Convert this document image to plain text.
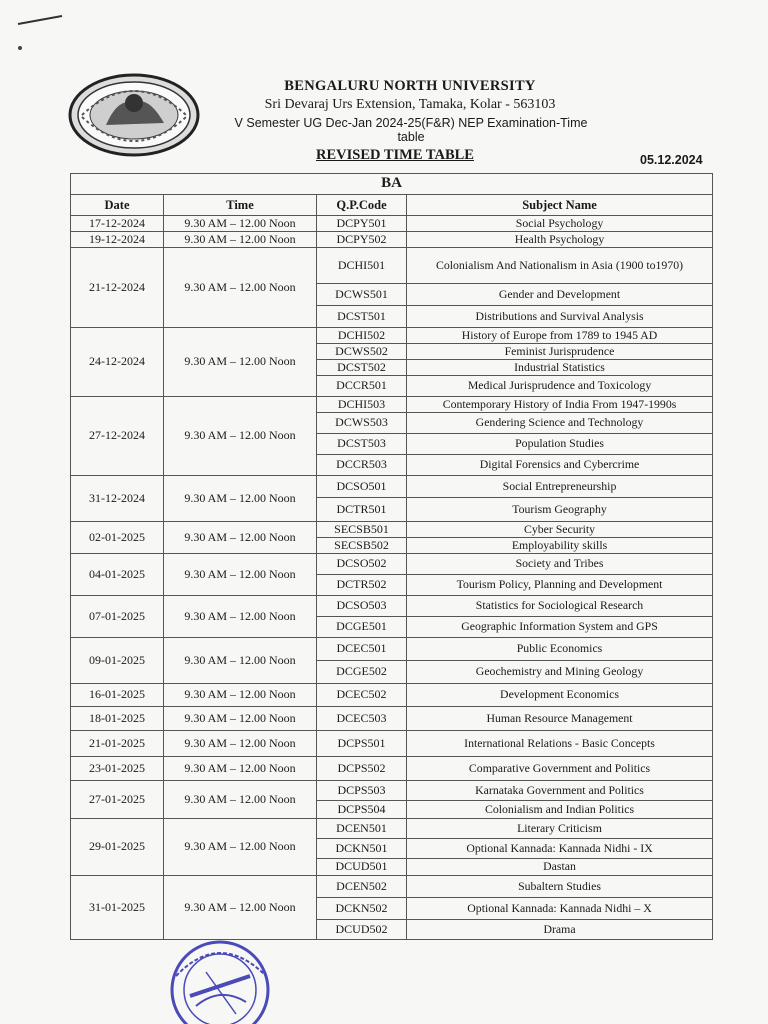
BENGALURU NORTH UNIVERSITY
Sri Devaraj Urs Extension, Tamaka, Kolar - 563103
V Semester UG Dec-Jan 2024-25(F&R) NEP Examination-Time table
REVISED TIME TABLE	05.12.2024
BA			
Date	Time	Q.P.Code	Subject Name
17-12-2024	9.30 AM – 12.00 Noon	DCPY501	Social Psychology
19-12-2024	9.30 AM – 12.00 Noon	DCPY502	Health Psychology
21-12-2024	9.30 AM – 12.00 Noon	DCHI501	Colonialism And Nationalism in Asia (1900 to1970)
		DCWS501	Gender and Development
		DCST501	Distributions and Survival Analysis
24-12-2024	9.30 AM – 12.00 Noon	DCHI502	History of Europe from 1789 to 1945 AD
		DCWS502	Feminist Jurisprudence
		DCST502	Industrial Statistics
		DCCR501	Medical Jurisprudence and Toxicology
27-12-2024	9.30 AM – 12.00 Noon	DCHI503	Contemporary History of India From 1947-1990s
		DCWS503	Gendering Science and Technology
		DCST503	Population Studies
		DCCR503	Digital Forensics and Cybercrime
31-12-2024	9.30 AM – 12.00 Noon	DCSO501	Social Entrepreneurship
		DCTR501	Tourism Geography
02-01-2025	9.30 AM – 12.00 Noon	SECSB501	Cyber Security
		SECSB502	Employability skills
04-01-2025	9.30 AM – 12.00 Noon	DCSO502	Society and Tribes
		DCTR502	Tourism Policy, Planning and Development
07-01-2025	9.30 AM – 12.00 Noon	DCSO503	Statistics for Sociological Research
		DCGE501	Geographic Information System and GPS
09-01-2025	9.30 AM – 12.00 Noon	DCEC501	Public Economics
		DCGE502	Geochemistry and Mining Geology
16-01-2025	9.30 AM – 12.00 Noon	DCEC502	Development Economics
18-01-2025	9.30 AM – 12.00 Noon	DCEC503	Human Resource Management
21-01-2025	9.30 AM – 12.00 Noon	DCPS501	International Relations - Basic Concepts
23-01-2025	9.30 AM – 12.00 Noon	DCPS502	Comparative Government and Politics
27-01-2025	9.30 AM – 12.00 Noon	DCPS503	Karnataka Government and Politics
		DCPS504	Colonialism and Indian Politics
29-01-2025	9.30 AM – 12.00 Noon	DCEN501	Literary Criticism
		DCKN501	Optional Kannada: Kannada Nidhi - IX
		DCUD501	Dastan
31-01-2025	9.30 AM – 12.00 Noon	DCEN502	Subaltern Studies
		DCKN502	Optional Kannada: Kannada Nidhi – X
		DCUD502	Drama
